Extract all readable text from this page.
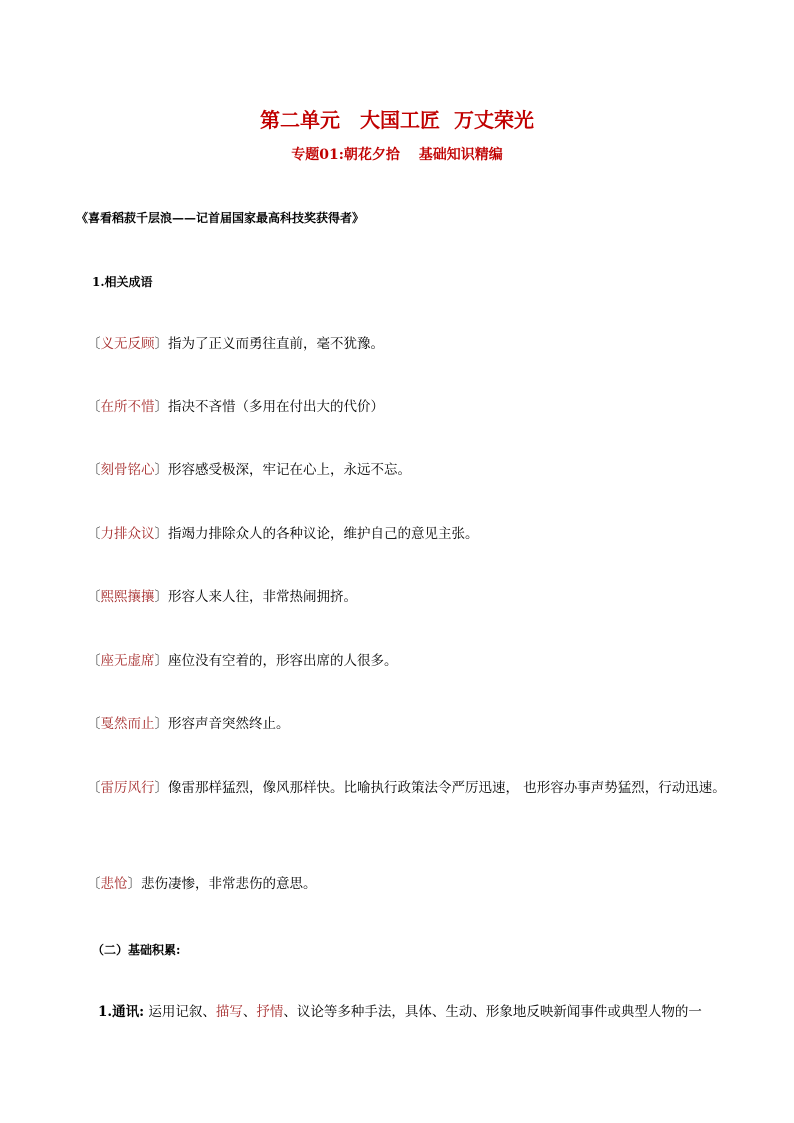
第二单元　大国工匠  万丈荣光
专题01:朝花夕拾　 基础知识精编
《喜看稻菽千层浪——记首届国家最高科技奖获得者》
1.相关成语
〔义无反顾〕指为了正义而勇往直前，毫不犹豫。
〔在所不惜〕指决不吝惜（多用在付出大的代价）
〔刻骨铭心〕形容感受极深，牢记在心上，永远不忘。
〔力排众议〕指竭力排除众人的各种议论，维护自己的意见主张。
〔熙熙攘攘〕形容人来人往，非常热闹拥挤。
〔座无虚席〕座位没有空着的，形容出席的人很多。
〔戛然而止〕形容声音突然终止。
〔雷厉风行〕像雷那样猛烈，像风那样快。比喻执行政策法令严厉迅速， 也形容办事声势猛烈，行动迅速。
〔悲怆〕悲伤凄惨，非常悲伤的意思。
（二）基础积累:
1.通讯: 运用记叙、描写、抒情、议论等多种手法，具体、生动、形象地反映新闻事件或典型人物的一
